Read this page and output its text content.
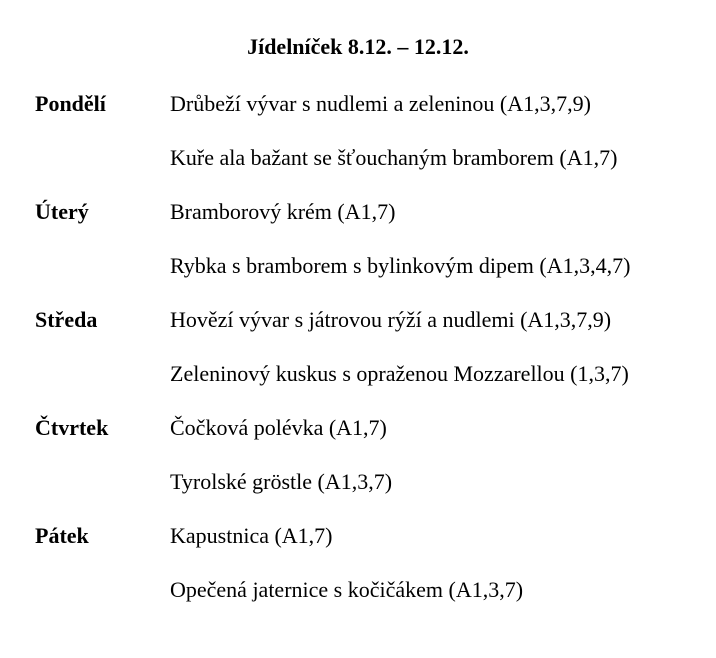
Jídelníček 8.12. – 12.12.
Pondělí	Drůbeží vývar s nudlemi a zeleninou (A1,3,7,9)
Kuře ala bažant se šťouchaným bramborem (A1,7)
Úterý	Bramborový krém (A1,7)
Rybka s bramborem s bylinkovým dipem (A1,3,4,7)
Středa	Hovězí vývar s játrovou rýží a nudlemi (A1,3,7,9)
Zeleninový kuskus s opraženou Mozzarellou (1,3,7)
Čtvrtek	Čočková polévka (A1,7)
Tyrolské gröstle (A1,3,7)
Pátek	Kapustnica (A1,7)
Opečená jaternice s kočičákem (A1,3,7)
